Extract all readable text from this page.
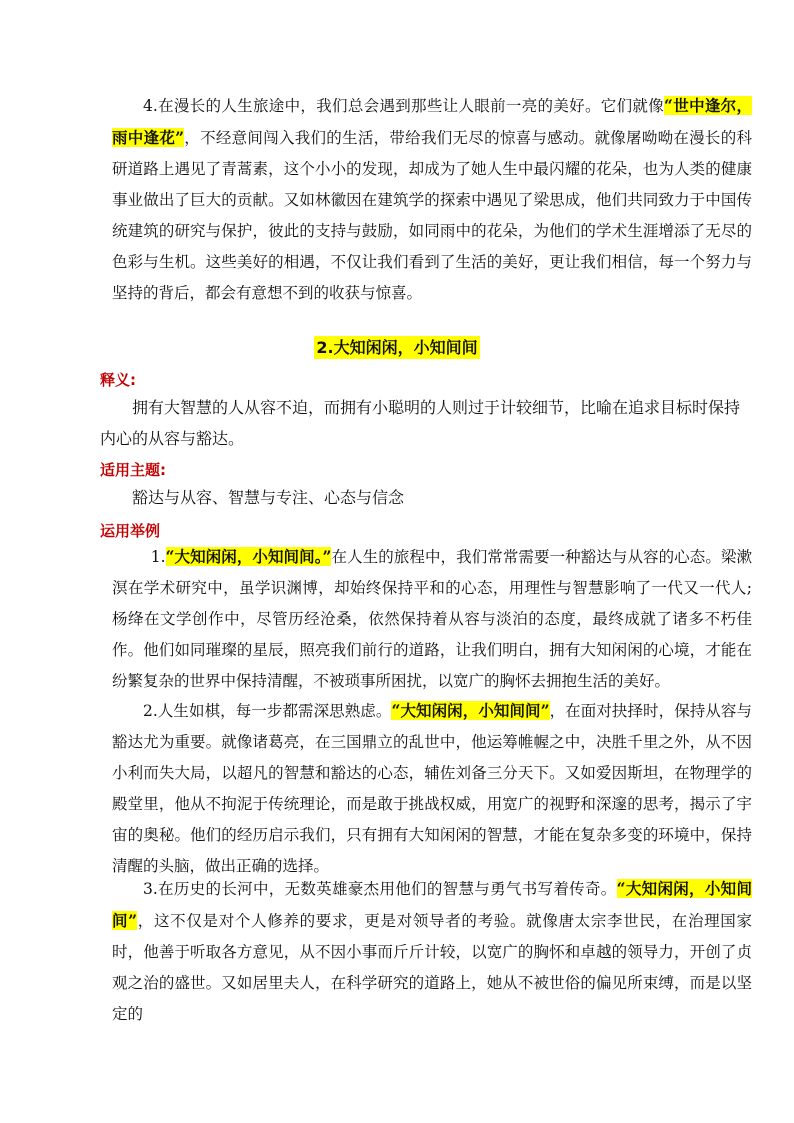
4.在漫长的人生旅途中，我们总会遇到那些让人眼前一亮的美好。它们就像“世中逢尔，雨中逢花”，不经意间闯入我们的生活，带给我们无尽的惊喜与感动。就像屠呦呦在漫长的科研道路上遇见了青蒿素，这个小小的发现，却成为了她人生中最闪耀的花朵，也为人类的健康事业做出了巨大的贡献。又如林徽因在建筑学的探索中遇见了梁思成，他们共同致力于中国传统建筑的研究与保护，彼此的支持与鼓励，如同雨中的花朵，为他们的学术生涯增添了无尽的色彩与生机。这些美好的相遇，不仅让我们看到了生活的美好，更让我们相信，每一个努力与坚持的背后，都会有意想不到的收获与惊喜。

2.大知闲闲，小知间间

释义:

拥有大智慧的人从容不迫，而拥有小聪明的人则过于计较细节，比喻在追求目标时保持内心的从容与豁达。

适用主题:

豁达与从容、智慧与专注、心态与信念

运用举例

1.“大知闲闲，小知间间。”在人生的旅程中，我们常常需要一种豁达与从容的心态。梁漱溟在学术研究中，虽学识渊博，却始终保持平和的心态，用理性与智慧影响了一代又一代人;杨绛在文学创作中，尽管历经沧桑，依然保持着从容与淡泊的态度，最终成就了诸多不朽佳作。他们如同璀璨的星辰，照亮我们前行的道路，让我们明白，拥有大知闲闲的心境，才能在纷繁复杂的世界中保持清醒，不被琐事所困扰，以宽广的胸怀去拥抱生活的美好。

2.人生如棋，每一步都需深思熟虑。“大知闲闲，小知间间”，在面对抉择时，保持从容与豁达尤为重要。就像诸葛亮，在三国鼎立的乱世中，他运筹帷幄之中，决胜千里之外，从不因小利而失大局，以超凡的智慧和豁达的心态，辅佐刘备三分天下。又如爱因斯坦，在物理学的殿堂里，他从不拘泥于传统理论，而是敢于挑战权威，用宽广的视野和深邃的思考，揭示了宇宙的奥秘。他们的经历启示我们，只有拥有大知闲闲的智慧，才能在复杂多变的环境中，保持清醒的头脑，做出正确的选择。

3.在历史的长河中，无数英雄豪杰用他们的智慧与勇气书写着传奇。“大知闲闲，小知间间”，这不仅是对个人修养的要求，更是对领导者的考验。就像唐太宗李世民，在治理国家时，他善于听取各方意见，从不因小事而斤斤计较，以宽广的胸怀和卓越的领导力，开创了贞观之治的盛世。又如居里夫人，在科学研究的道路上，她从不被世俗的偏见所束缚，而是以坚定的
